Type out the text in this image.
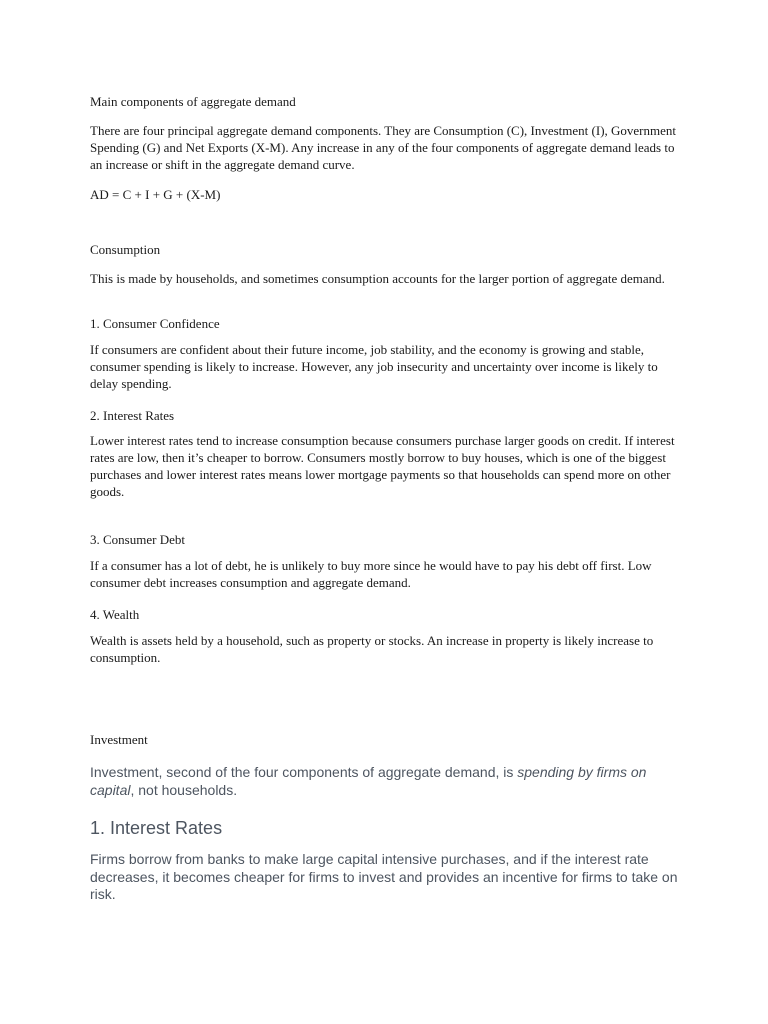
Main components of aggregate demand

There are four principal aggregate demand components. They are Consumption (C), Investment (I), Government Spending (G) and Net Exports (X-M). Any increase in any of the four components of aggregate demand leads to an increase or shift in the aggregate demand curve.

AD = C + I + G + (X-M)

Consumption

This is made by households, and sometimes consumption accounts for the larger portion of aggregate demand.

1. Consumer Confidence

If consumers are confident about their future income, job stability, and the economy is growing and stable, consumer spending is likely to increase. However, any job insecurity and uncertainty over income is likely to delay spending.

2. Interest Rates

Lower interest rates tend to increase consumption because consumers purchase larger goods on credit. If interest rates are low, then it’s cheaper to borrow. Consumers mostly borrow to buy houses, which is one of the biggest purchases and lower interest rates means lower mortgage payments so that households can spend more on other goods.

3. Consumer Debt

If a consumer has a lot of debt, he is unlikely to buy more since he would have to pay his debt off first. Low consumer debt increases consumption and aggregate demand.

4. Wealth

Wealth is assets held by a household, such as property or stocks. An increase in property is likely increase to consumption.

Investment

Investment, second of the four components of aggregate demand, is spending by firms on capital, not households.

1. Interest Rates

Firms borrow from banks to make large capital intensive purchases, and if the interest rate decreases, it becomes cheaper for firms to invest and provides an incentive for firms to take on risk.
